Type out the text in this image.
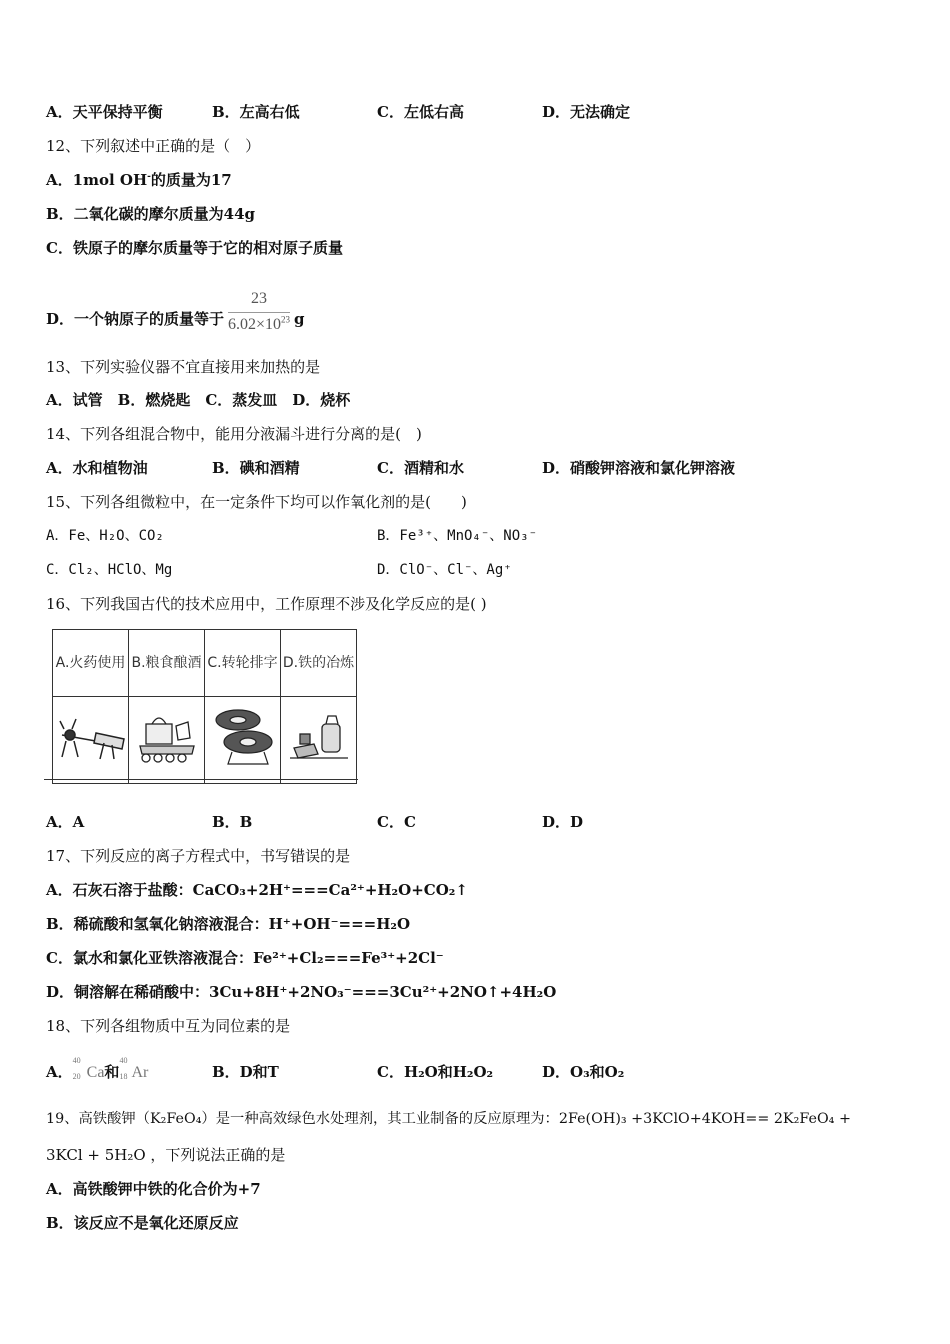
A．天平保持平衡	B．左高右低	C．左低右高	D．无法确定
12、下列叙述中正确的是（　）
A．1mol OH-的质量为17
B．二氧化碳的摩尔质量为44g
C．铁原子的摩尔质量等于它的相对原子质量
D．一个钠原子的质量等于 $\frac{23}{6.02\times 10^{23}}$ g
13、下列实验仪器不宜直接用来加热的是
A．试管　B．燃烧匙　C．蒸发皿　D．烧杯
14、下列各组混合物中，能用分液漏斗进行分离的是(　)
A．水和植物油	B．碘和酒精	C．酒精和水	D．硝酸钾溶液和氯化钾溶液
15、下列各组微粒中，在一定条件下均可以作氧化剂的是(　　)
A．Fe、H₂O、CO₂	B．Fe³⁺、MnO₄⁻、NO₃⁻
C．Cl₂、HClO、Mg	D．ClO⁻、Cl⁻、Ag⁺
16、下列我国古代的技术应用中，工作原理不涉及化学反应的是( )
A.火药使用	B.粮食酿酒	C.转轮排字	D.铁的冶炼

A．A	B．B	C．C	D．D
17、下列反应的离子方程式中，书写错误的是
A．石灰石溶于盐酸：CaCO₃+2H⁺===Ca²⁺+H₂O+CO₂↑
B．稀硫酸和氢氧化钠溶液混合：H⁺+OH⁻===H₂O
C．氯水和氯化亚铁溶液混合：Fe²⁺+Cl₂===Fe³⁺+2Cl⁻
D．铜溶解在稀硝酸中：3Cu+8H⁺+2NO₃⁻===3Cu²⁺+2NO↑+4H₂O
18、下列各组物质中互为同位素的是
A．
40
20 Ca和
40
18 Ar	B．D和T	C．H₂O和H₂O₂	D．O₃和O₂
19、高铁酸钾（K₂FeO₄）是一种高效绿色水处理剂，其工业制备的反应原理为：2Fe(OH)₃ +3KClO+4KOH== 2K₂FeO₄ +
3KCl + 5H₂O ，下列说法正确的是
A．高铁酸钾中铁的化合价为+7
B．该反应不是氧化还原反应
